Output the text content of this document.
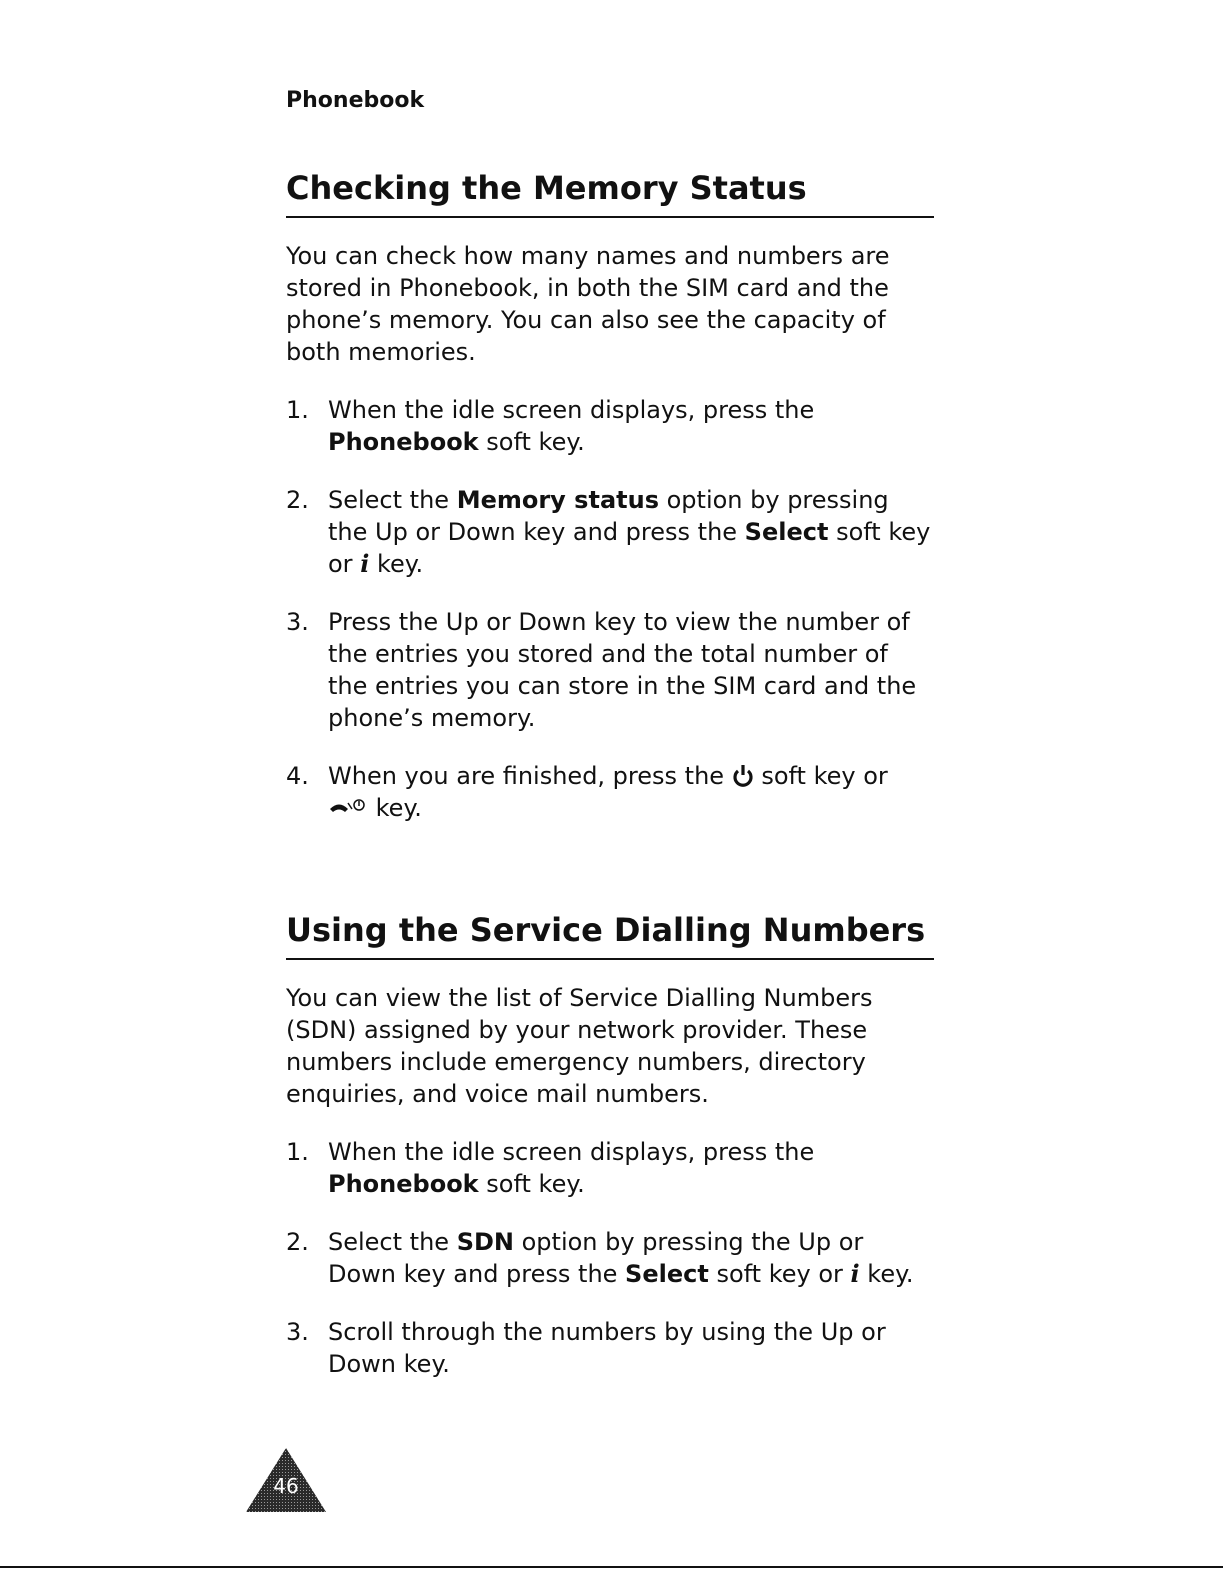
Phonebook
Checking the Memory Status

You can check how many names and numbers are stored in Phonebook, in both the SIM card and the phone’s memory. You can also see the capacity of both memories.

1. When the idle screen displays, press the Phonebook soft key.
2. Select the Memory status option by pressing the Up or Down key and press the Select soft key or i key.
3. Press the Up or Down key to view the number of the entries you stored and the total number of the entries you can store in the SIM card and the phone’s memory.
4. When you are finished, press the  soft key or
key.
Using the Service Dialling Numbers

You can view the list of Service Dialling Numbers (SDN) assigned by your network provider. These numbers include emergency numbers, directory enquiries, and voice mail numbers.

1. When the idle screen displays, press the Phonebook soft key.
2. Select the SDN option by pressing the Up or Down key and press the Select soft key or i key.
3. Scroll through the numbers by using the Up or Down key.
46
